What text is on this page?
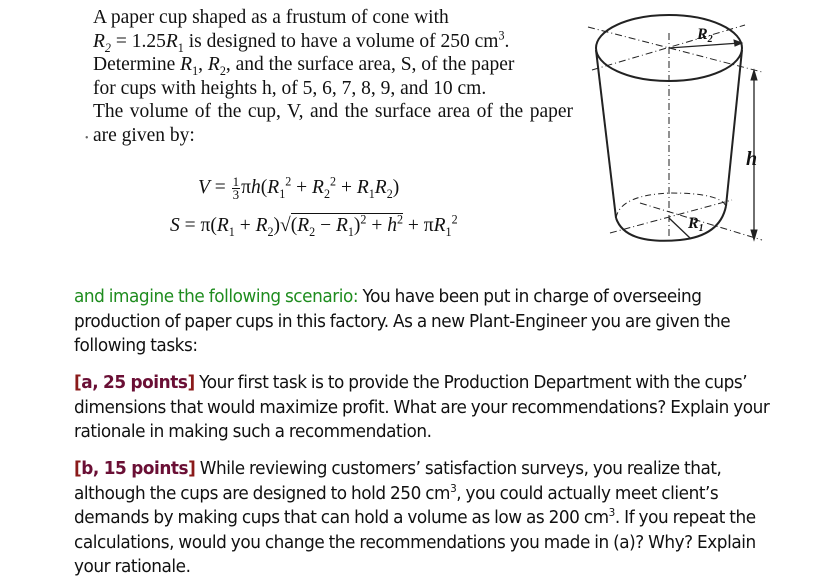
A paper cup shaped as a frustum of cone with
$R_2 = 1.25R_1$ is designed to have a volume of 250 $cm^3$.
Determine $R_1$, $R_2$, and the surface area, S, of the paper
for cups with heights h, of 5, 6, 7, 8, 9, and 10 cm.
The volume of the cup, V, and the surface area of the paper are given by:

•
$V = \frac{1}{3} \pi h(R_1^2 + R_2^2 + R_1R_2)$
$S = \pi(R_1 + R_2)√(R_2 - R_1)^2 + h^2 + \pi R_1^2$
R2
R1
h

and imagine the following scenario: You have been put in charge of overseeing production of paper cups in this factory. As a new Plant-Engineer you are given the following tasks:

[a, 25 points] Your first task is to provide the Production Department with the cups’ dimensions that would maximize profit. What are your recommendations? Explain your rationale in making such a recommendation.

[b, 15 points] While reviewing customers’ satisfaction surveys, you realize that, although the cups are designed to hold 250 $cm^3$, you could actually meet client’s demands by making cups that can hold a volume as low as 200 $cm^3$. If you repeat the calculations, would you change the recommendations you made in (a)? Why? Explain your rationale.
